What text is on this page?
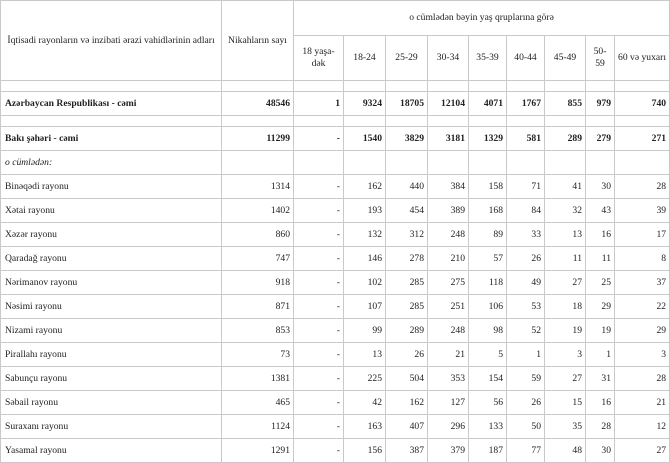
İqtisadi rayonların və inzibati ərazi vahidlərinin adları	Nikahların sayı	o cümlədən bəyin yaş qruplarına görə								
		18 yaşa-dək	18-24	25-29	30-34	35-39	40-44	45-49	50-59	60 və yuxarı

Azərbaycan Respublikası - cəmi	48546	1	9324	18705	12104	4071	1767	855	979	740

Bakı şəhəri - cəmi	11299	-	1540	3829	3181	1329	581	289	279	271
o cümlədən:										
Binəqədi rayonu	1314	-	162	440	384	158	71	41	30	28
Xətai rayonu	1402	-	193	454	389	168	84	32	43	39
Xəzər rayonu	860	-	132	312	248	89	33	13	16	17
Qaradağ rayonu	747	-	146	278	210	57	26	11	11	8
Nərimanov rayonu	918	-	102	285	275	118	49	27	25	37
Nəsimi rayonu	871	-	107	285	251	106	53	18	29	22
Nizami rayonu	853	-	99	289	248	98	52	19	19	29
Pirallahı rayonu	73	-	13	26	21	5	1	3	1	3
Sabunçu rayonu	1381	-	225	504	353	154	59	27	31	28
Səbail rayonu	465	-	42	162	127	56	26	15	16	21
Suraxanı rayonu	1124	-	163	407	296	133	50	35	28	12
Yasamal rayonu	1291	-	156	387	379	187	77	48	30	27
